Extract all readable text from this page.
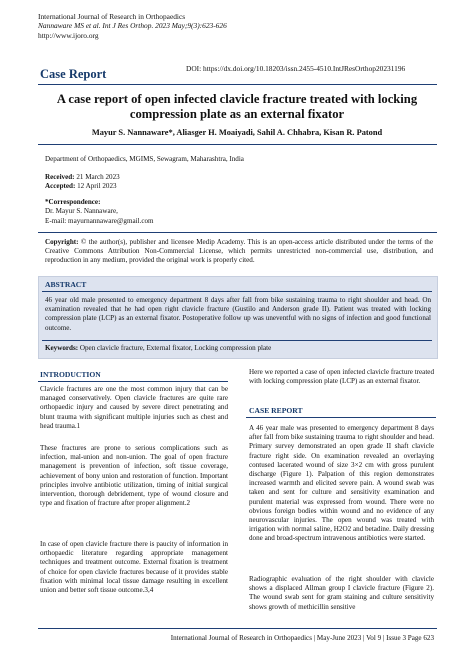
International Journal of Research in Orthopaedics
Nannaware MS et al. Int J Res Orthop. 2023 May;9(3):623-626
http://www.ijoro.org
Case Report	DOI: https://dx.doi.org/10.18203/issn.2455-4510.IntJResOrthop20231196
A case report of open infected clavicle fracture treated with locking compression plate as an external fixator
Mayur S. Nannaware*, Aliasger H. Moaiyadi, Sahil A. Chhabra, Kisan R. Patond
Department of Orthopaedics, MGIMS, Sewagram, Maharashtra, India
Received: 21 March 2023
Accepted: 12 April 2023
*Correspondence:
Dr. Mayur S. Nannaware,
E-mail: mayurnannaware@gmail.com
Copyright: © the author(s), publisher and licensee Medip Academy. This is an open-access article distributed under the terms of the Creative Commons Attribution Non-Commercial License, which permits unrestricted non-commercial use, distribution, and reproduction in any medium, provided the original work is properly cited.
ABSTRACT
46 year old male presented to emergency department 8 days after fall from bike sustaining trauma to right shoulder and head. On examination revealed that he had open right clavicle fracture (Gustilo and Anderson grade II). Patient was treated with locking compression plate (LCP) as an external fixator. Postoperative follow up was uneventful with no signs of infection and good functional outcome.
Keywords: Open clavicle fracture, External fixator, Locking compression plate
INTRODUCTION
Clavicle fractures are one the most common injury that can be managed conservatively. Open clavicle fractures are quite rare orthopaedic injury and caused by severe direct penetrating and blunt trauma with significant multiple injuries such as chest and head trauma.1
These fractures are prone to serious complications such as infection, mal-union and non-union. The goal of open fracture management is prevention of infection, soft tissue coverage, achievement of bony union and restoration of function. Important principles involve antibiotic utilization, timing of initial surgical intervention, thorough debridement, type of wound closure and type and fixation of fracture after proper alignment.2
In case of open clavicle fracture there is paucity of information in orthopaedic literature regarding appropriate management techniques and treatment outcome. External fixation is treatment of choice for open clavicle fractures because of it provides stable fixation with minimal local tissue damage resulting in excellent union and better soft tissue outcome.3,4
Here we reported a case of open infected clavicle fracture treated with locking compression plate (LCP) as an external fixator.
CASE REPORT
A 46 year male was presented to emergency department 8 days after fall from bike sustaining trauma to right shoulder and head. Primary survey demonstrated an open grade II shaft clavicle fracture right side. On examination revealed an overlaying contused lacerated wound of size 3×2 cm with gross purulent discharge (Figure 1). Palpation of this region demonstrates increased warmth and elicited severe pain. A wound swab was taken and sent for culture and sensitivity examination and purulent material was expressed from wound. There were no obvious foreign bodies within wound and no evidence of any neurovascular injuries. The open wound was treated with irrigation with normal saline, H2O2 and betadine. Daily dressing done and broad-spectrum intravenous antibiotics were started.
Radiographic evaluation of the right shoulder with clavicle shows a displaced Allman group I clavicle fracture (Figure 2). The wound swab sent for gram staining and culture sensitivity shows growth of methicillin sensitive
International Journal of Research in Orthopaedics | May-June 2023 | Vol 9 | Issue 3 Page 623
